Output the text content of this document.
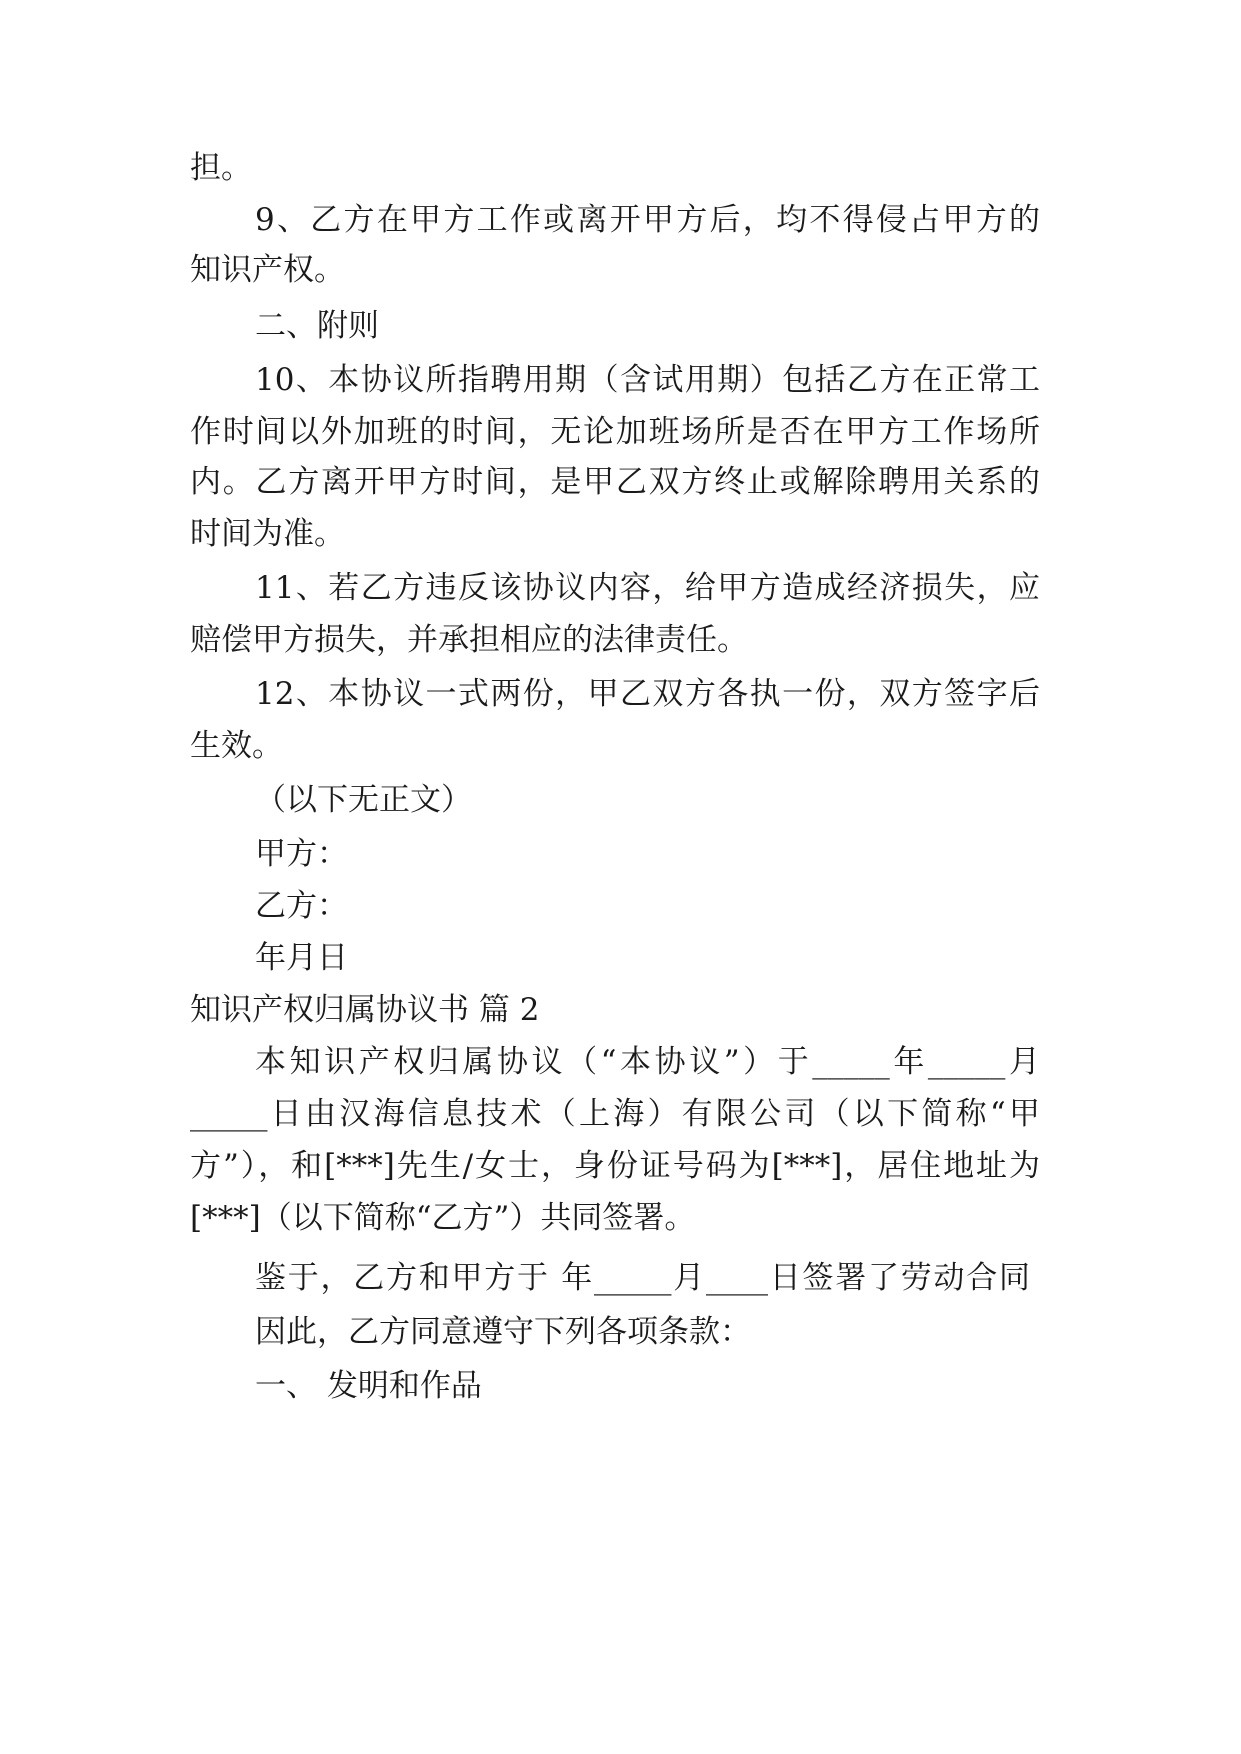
担。
9、乙方在甲方工作或离开甲方后，均不得侵占甲方的
知识产权。
二、附则
10、本协议所指聘用期（含试用期）包括乙方在正常工
作时间以外加班的时间，无论加班场所是否在甲方工作场所
内。乙方离开甲方时间，是甲乙双方终止或解除聘用关系的
时间为准。
11、若乙方违反该协议内容，给甲方造成经济损失，应
赔偿甲方损失，并承担相应的法律责任。
12、本协议一式两份，甲乙双方各执一份，双方签字后
生效。
（以下无正文）
甲方：
乙方：
年月日
知识产权归属协议书 篇 2
本知识产权归属协议（“本协议”）于_____年_____月
_____日由汉海信息技术（上海）有限公司（以下简称“甲
方”），和[***]先生/女士，身份证号码为[***]，居住地址为
[***]（以下简称“乙方”）共同签署。
鉴于，乙方和甲方于 年_____月____日签署了劳动合同
因此，乙方同意遵守下列各项条款：
一、 发明和作品
